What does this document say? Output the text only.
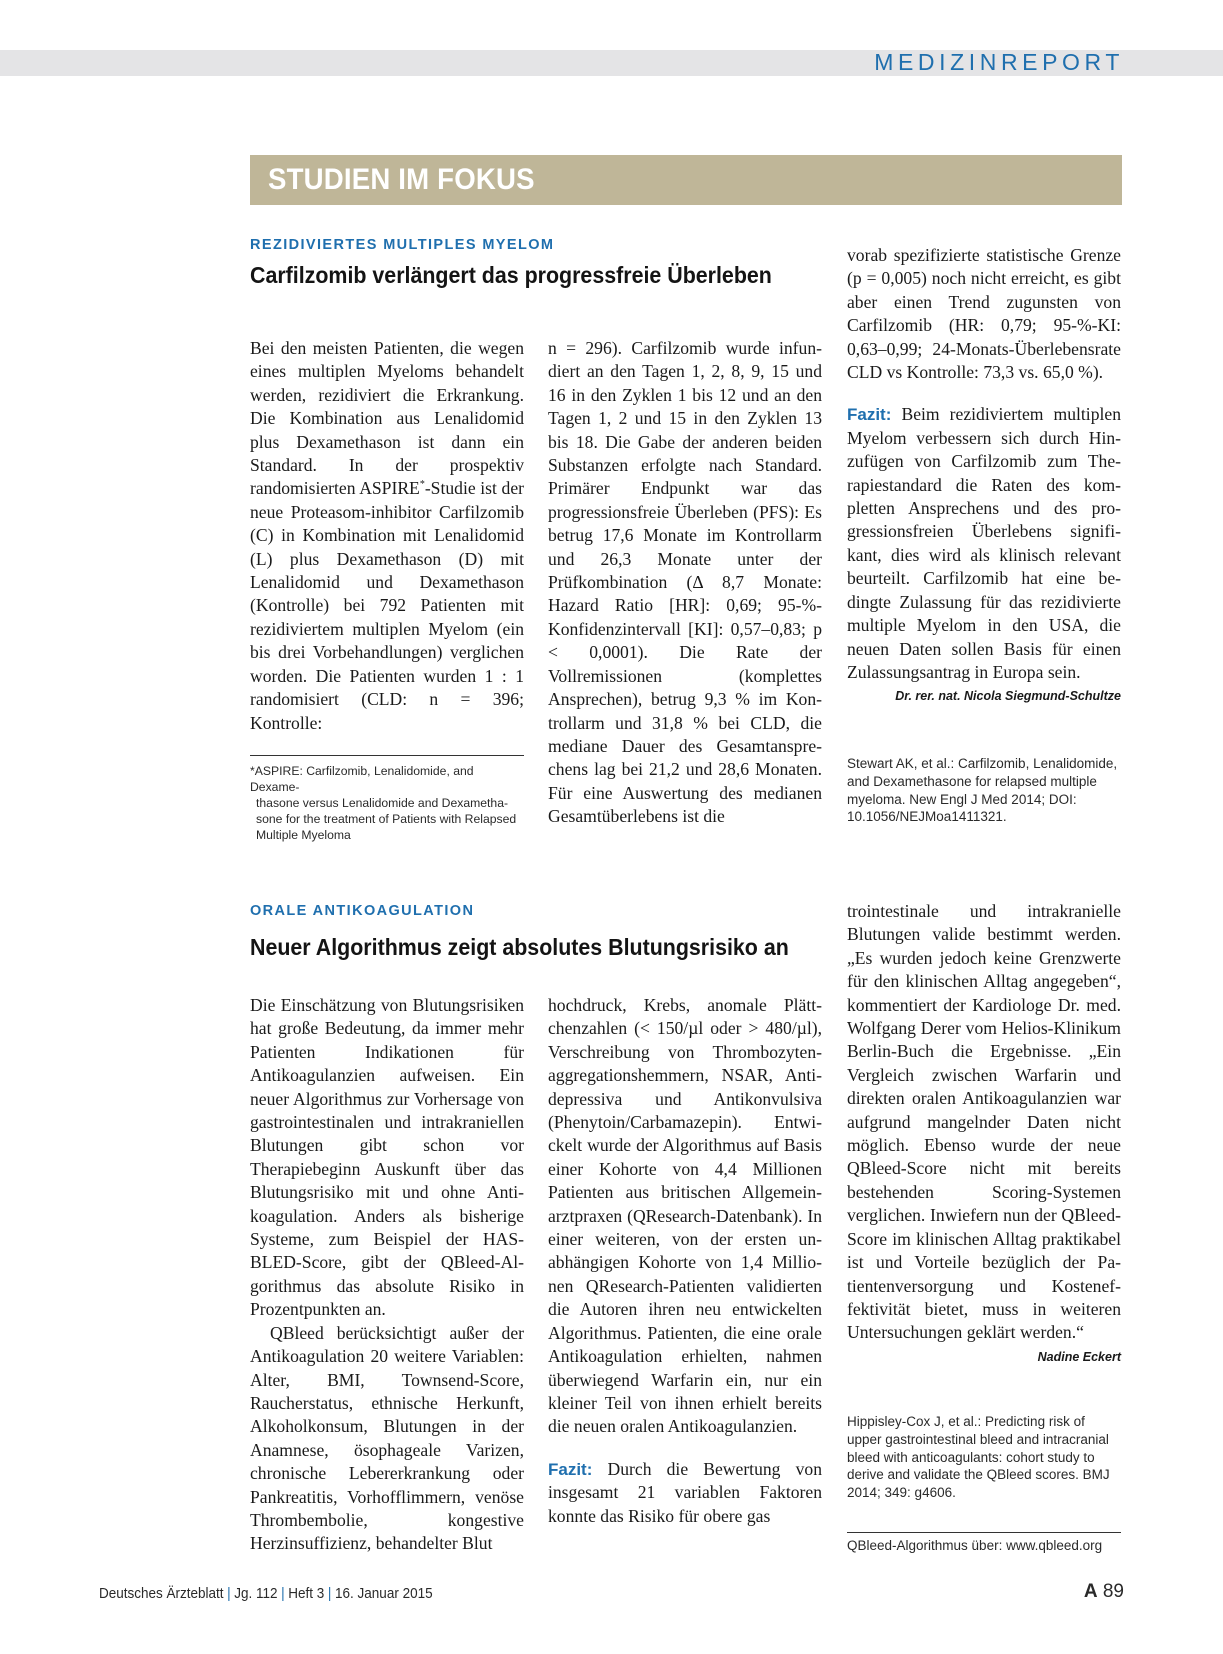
MEDIZINREPORT
STUDIEN IM FOKUS
REZIDIVIERTES MULTIPLES MYELOM
Carfilzomib verlängert das progressfreie Überleben

Bei den meisten Patienten, die wegen eines multiplen Myeloms behandelt werden, rezidiviert die Erkrankung. Die Kombination aus Lenalidomid plus Dexamethason ist dann ein Standard. In der prospektiv randomisierten ASPIRE*-Studie ist der neue Proteasom-inhibitor Carfilzomib (C) in Kombination mit Lenalidomid (L) plus Dexamethason (D) mit Lenalidomid und Dexamethason (Kontrolle) bei 792 Patienten mit rezidiviertem multiplen Myelom (ein bis drei Vorbehandlungen) verglichen worden. Die Patienten wurden 1 : 1 randomisiert (CLD: n = 396; Kontrolle:

*ASPIRE: Carfilzomib, Lenalidomide, and Dexame-
thasone versus Lenalidomide and Dexamethasone for the treatment of Patients with Relapsed Multiple Myeloma

n = 296). Carfilzomib wurde infundiert an den Tagen 1, 2, 8, 9, 15 und 16 in den Zyklen 1 bis 12 und an den Tagen 1, 2 und 15 in den Zyklen 13 bis 18. Die Gabe der anderen beiden Substanzen erfolgte nach Standard. Primärer Endpunkt war das progressionsfreie Überleben (PFS): Es betrug 17,6 Monate im Kontrollarm und 26,3 Monate unter der Prüfkombination (Δ 8,7 Monate: Hazard Ratio [HR]: 0,69; 95-%-Konfidenzintervall [KI]: 0,57–0,83; p < 0,0001). Die Rate der Vollremissionen (komplettes Ansprechen), betrug 9,3 % im Kontrollarm und 31,8 % bei CLD, die mediane Dauer des Gesamtansprechens lag bei 21,2 und 28,6 Monaten. Für eine Auswertung des medianen Gesamtüberlebens ist die

vorab spezifizierte statistische Grenze (p = 0,005) noch nicht erreicht, es gibt aber einen Trend zugunsten von Carfilzomib (HR: 0,79; 95-%-KI: 0,63–0,99; 24-Monats-Überlebensrate CLD vs Kontrolle: 73,3 vs. 65,0 %).

Fazit: Beim rezidiviertem multiplen Myelom verbessern sich durch Hinzufügen von Carfilzomib zum Therapiestandard die Raten des kompletten Ansprechens und des progressionsfreien Überlebens signifikant, dies wird als klinisch relevant beurteilt. Carfilzomib hat eine bedingte Zulassung für das rezidivierte multiple Myelom in den USA, die neuen Daten sollen Basis für einen Zulassungsantrag in Europa sein.
Dr. rer. nat. Nicola Siegmund-Schultze

Stewart AK, et al.: Carfilzomib, Lenalidomide, and Dexamethasone for relapsed multiple myeloma. New Engl J Med 2014; DOI: 10.1056/NEJMoa1411321.
ORALE ANTIKOAGULATION
Neuer Algorithmus zeigt absolutes Blutungsrisiko an

Die Einschätzung von Blutungsrisiken hat große Bedeutung, da immer mehr Patienten Indikationen für Antikoagulanzien aufweisen. Ein neuer Algorithmus zur Vorhersage von gastrointestinalen und intrakraniellen Blutungen gibt schon vor Therapiebeginn Auskunft über das Blutungsrisiko mit und ohne Antikoagulation. Anders als bisherige Systeme, zum Beispiel der HAS-BLED-Score, gibt der QBleed-Algorithmus das absolute Risiko in Prozentpunkten an.

QBleed berücksichtigt außer der Antikoagulation 20 weitere Variablen: Alter, BMI, Townsend-Score, Raucherstatus, ethnische Herkunft, Alkoholkonsum, Blutungen in der Anamnese, ösophageale Varizen, chronische Lebererkrankung oder Pankreatitis, Vorhofflimmern, venöse Thrombembolie, kongestive Herzinsuffizienz, behandelter Blut

hochdruck, Krebs, anomale Plättchenzahlen (< 150/µl oder > 480/µl), Verschreibung von Thrombozytenaggregationshemmern, NSAR, Antidepressiva und Antikonvulsiva (Phenytoin/Carbamazepin). Entwickelt wurde der Algorithmus auf Basis einer Kohorte von 4,4 Millionen Patienten aus britischen Allgemeinarztpraxen (QResearch-Datenbank). In einer weiteren, von der ersten unabhängigen Kohorte von 1,4 Millionen QResearch-Patienten validierten die Autoren ihren neu entwickelten Algorithmus. Patienten, die eine orale Antikoagulation erhielten, nahmen überwiegend Warfarin ein, nur ein kleiner Teil von ihnen erhielt bereits die neuen oralen Antikoagulanzien.

Fazit: Durch die Bewertung von insgesamt 21 variablen Faktoren konnte das Risiko für obere gas

trointestinale und intrakranielle Blutungen valide bestimmt werden. „Es wurden jedoch keine Grenzwerte für den klinischen Alltag angegeben“, kommentiert der Kardiologe Dr. med. Wolfgang Derer vom Helios-Klinikum Berlin-Buch die Ergebnisse. „Ein Vergleich zwischen Warfarin und direkten oralen Antikoagulanzien war aufgrund mangelnder Daten nicht möglich. Ebenso wurde der neue QBleed-Score nicht mit bereits bestehenden Scoring-Systemen verglichen. Inwiefern nun der QBleed-Score im klinischen Alltag praktikabel ist und Vorteile bezüglich der Patientenversorgung und Kosteneffektivität bietet, muss in weiteren Untersuchungen geklärt werden.“
Nadine Eckert

Hippisley-Cox J, et al.: Predicting risk of upper gastrointestinal bleed and intracranial bleed with anticoagulants: cohort study to derive and validate the QBleed scores. BMJ 2014; 349: g4606.
QBleed-Algorithmus über: www.qbleed.org
Deutsches Ärzteblatt | Jg. 112 | Heft 3 | 16. Januar 2015	A 89
